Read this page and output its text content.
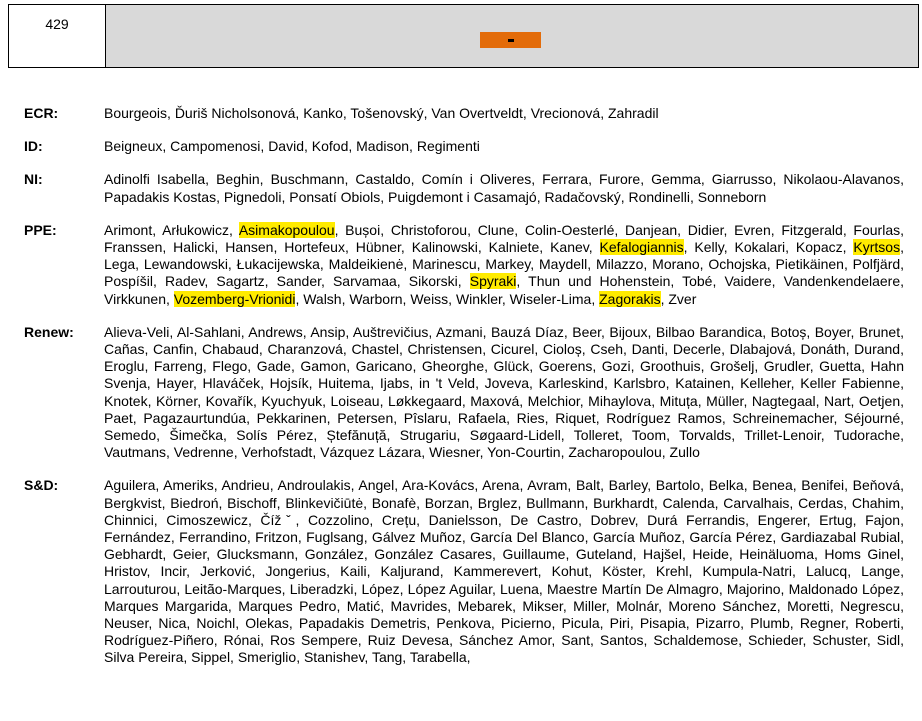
429
ECR:	Bourgeois, Ďuriš Nicholsonová, Kanko, Tošenovský, Van Overtveldt, Vrecionová, Zahradil
ID:	Beigneux, Campomenosi, David, Kofod, Madison, Regimenti
NI:	Adinolfi Isabella, Beghin, Buschmann, Castaldo, Comín i Oliveres, Ferrara, Furore, Gemma, Giarrusso, Nikolaou-Alavanos, Papadakis Kostas, Pignedoli, Ponsatí Obiols, Puigdemont i Casamajó, Radačovský, Rondinelli, Sonneborn
PPE:	Arimont, Arłukowicz, Asimakopoulou, Bușoi, Christoforou, Clune, Colin-Oesterlé, Danjean, Didier, Evren, Fitzgerald, Fourlas, Franssen, Halicki, Hansen, Hortefeux, Hübner, Kalinowski, Kalniete, Kanev, Kefalogiannis, Kelly, Kokalari, Kopacz, Kyrtsos, Lega, Lewandowski, Łukacijewska, Maldeikienė, Marinescu, Markey, Maydell, Milazzo, Morano, Ochojska, Pietikäinen, Polfjärd, Pospíšil, Radev, Sagartz, Sander, Sarvamaa, Sikorski, Spyraki, Thun und Hohenstein, Tobé, Vaidere, Vandenkendelaere, Virkkunen, Vozemberg-Vrionidi, Walsh, Warborn, Weiss, Winkler, Wiseler-Lima, Zagorakis, Zver
Renew:	Alieva-Veli, Al-Sahlani, Andrews, Ansip, Auštrevičius, Azmani, Bauzá Díaz, Beer, Bijoux, Bilbao Barandica, Botoș, Boyer, Brunet, Cañas, Canfin, Chabaud, Charanzová, Chastel, Christensen, Cicurel, Cioloș, Cseh, Danti, Decerle, Dlabajová, Donáth, Durand, Eroglu, Farreng, Flego, Gade, Gamon, Garicano, Gheorghe, Glück, Goerens, Gozi, Groothuis, Grošelj, Grudler, Guetta, Hahn Svenja, Hayer, Hlaváček, Hojsík, Huitema, Ijabs, in 't Veld, Joveva, Karleskind, Karlsbro, Katainen, Kelleher, Keller Fabienne, Knotek, Körner, Kovařík, Kyuchyuk, Loiseau, Løkkegaard, Maxová, Melchior, Mihaylova, Mituța, Müller, Nagtegaal, Nart, Oetjen, Paet, Pagazaurtundúa, Pekkarinen, Petersen, Pîslaru, Rafaela, Ries, Riquet, Rodríguez Ramos, Schreinemacher, Séjourné, Semedo, Šimečka, Solís Pérez, Ștefănuță, Strugariu, Søgaard-Lidell, Tolleret, Toom, Torvalds, Trillet-Lenoir, Tudorache, Vautmans, Vedrenne, Verhofstadt, Vázquez Lázara, Wiesner, Yon-Courtin, Zacharopoulou, Zullo
S&D:	Aguilera, Ameriks, Andrieu, Androulakis, Angel, Ara-Kovács, Arena, Avram, Balt, Barley, Bartolo, Belka, Benea, Benifei, Beňová, Bergkvist, Biedroń, Bischoff, Blinkevičiūtė, Bonafè, Borzan, Brglez, Bullmann, Burkhardt, Calenda, Carvalhais, Cerdas, Chahim, Chinnici, Cimoszewicz, Čížˇ, Cozzolino, Crețu, Danielsson, De Castro, Dobrev, Durá Ferrandis, Engerer, Ertug, Fajon, Fernández, Ferrandino, Fritzon, Fuglsang, Gálvez Muñoz, García Del Blanco, García Muñoz, García Pérez, Gardiazabal Rubial, Gebhardt, Geier, Glucksmann, González, González Casares, Guillaume, Guteland, Hajšel, Heide, Heinäluoma, Homs Ginel, Hristov, Incir, Jerković, Jongerius, Kaili, Kaljurand, Kammerevert, Kohut, Köster, Krehl, Kumpula-Natri, Lalucq, Lange, Larrouturou, Leitão-Marques, Liberadzki, López, López Aguilar, Luena, Maestre Martín De Almagro, Majorino, Maldonado López, Marques Margarida, Marques Pedro, Matić, Mavrides, Mebarek, Mikser, Miller, Molnár, Moreno Sánchez, Moretti, Negrescu, Neuser, Nica, Noichl, Olekas, Papadakis Demetris, Penkova, Picierno, Picula, Piri, Pisapia, Pizarro, Plumb, Regner, Roberti, Rodríguez-Piñero, Rónai, Ros Sempere, Ruiz Devesa, Sánchez Amor, Sant, Santos, Schaldemose, Schieder, Schuster, Sidl, Silva Pereira, Sippel, Smeriglio, Stanishev, Tang, Tarabella,
